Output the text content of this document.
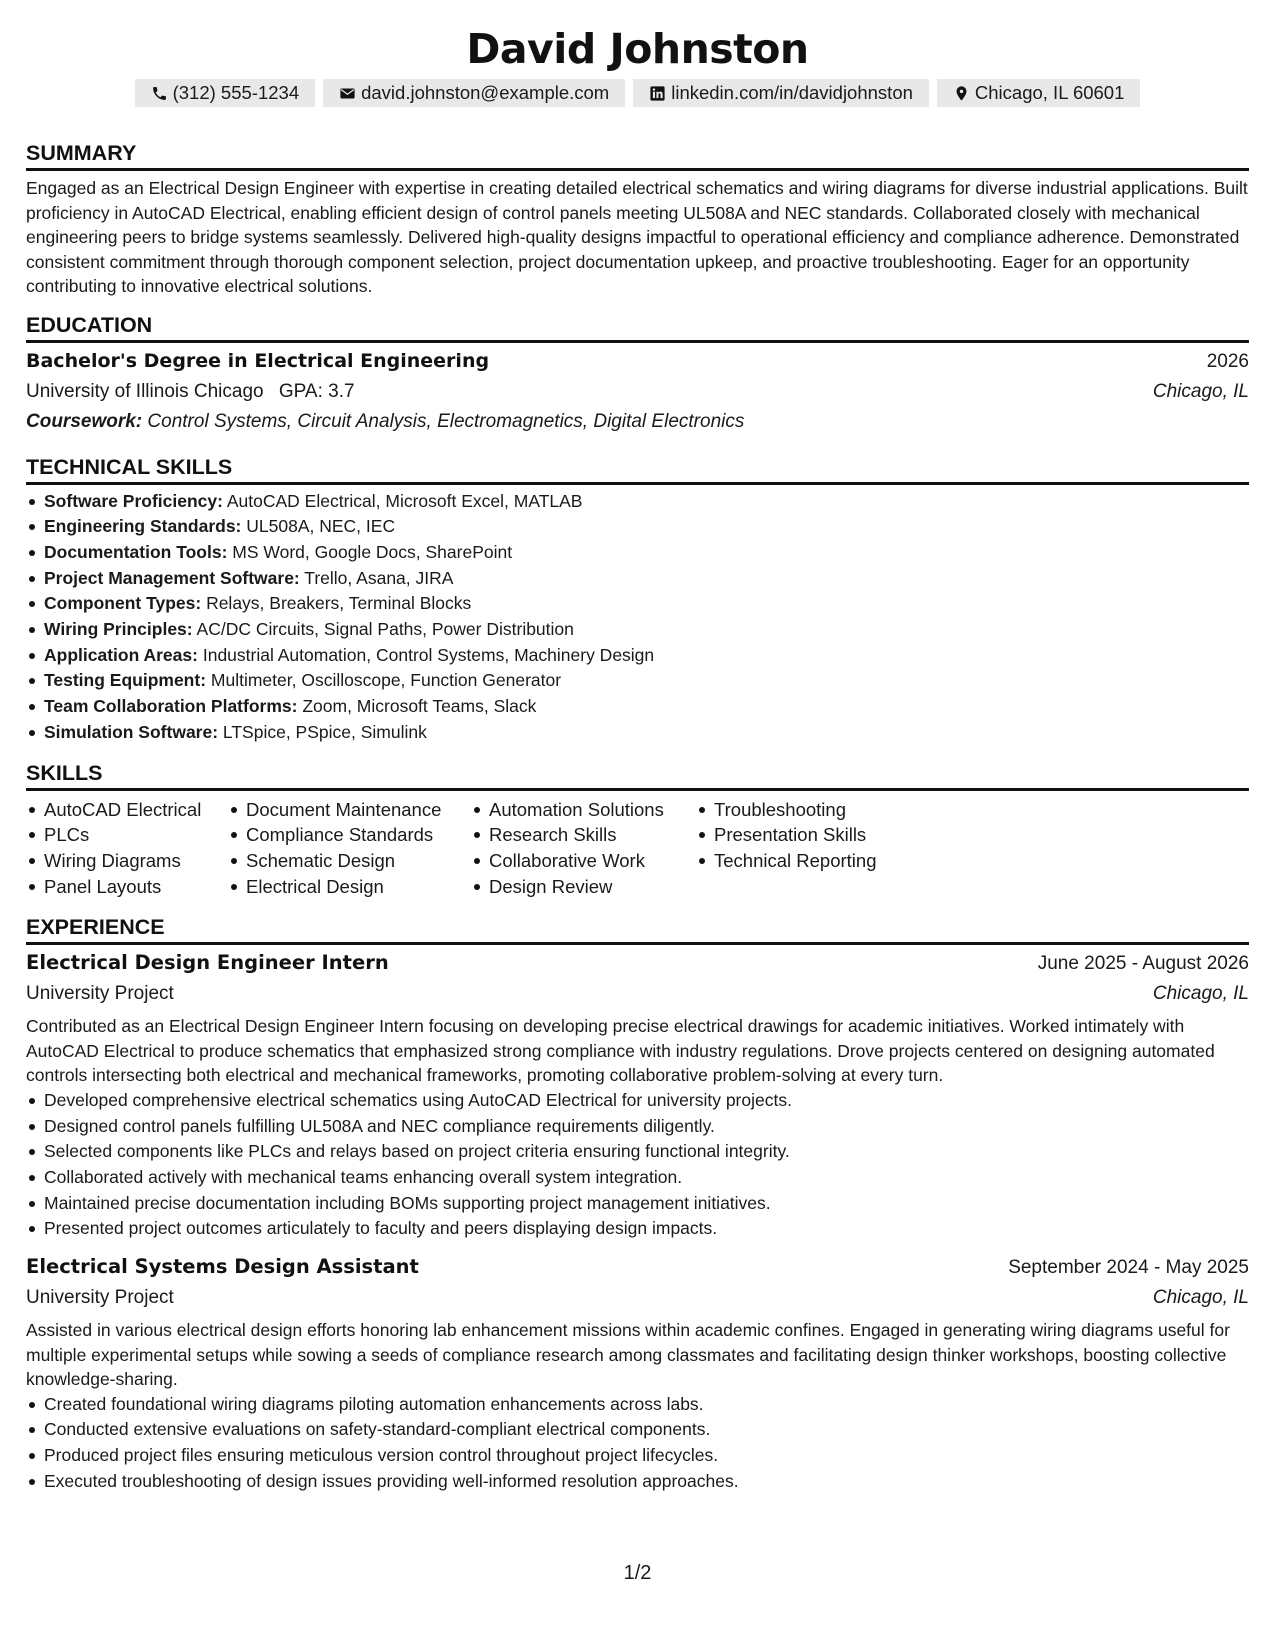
David Johnston
(312) 555-1234	david.johnston@example.com	linkedin.com/in/davidjohnston	Chicago, IL 60601
SUMMARY

Engaged as an Electrical Design Engineer with expertise in creating detailed electrical schematics and wiring diagrams for diverse industrial applications. Built proficiency in AutoCAD Electrical, enabling efficient design of control panels meeting UL508A and NEC standards. Collaborated closely with mechanical engineering peers to bridge systems seamlessly. Delivered high-quality designs impactful to operational efficiency and compliance adherence. Demonstrated consistent commitment through thorough component selection, project documentation upkeep, and proactive troubleshooting. Eager for an opportunity contributing to innovative electrical solutions.

EDUCATION
Bachelor's Degree in Electrical Engineering	2026
University of Illinois Chicago GPA: 3.7	Chicago, IL
Coursework: Control Systems, Circuit Analysis, Electromagnetics, Digital Electronics
TECHNICAL SKILLS
Software Proficiency: AutoCAD Electrical, Microsoft Excel, MATLAB
Engineering Standards: UL508A, NEC, IEC
Documentation Tools: MS Word, Google Docs, SharePoint
Project Management Software: Trello, Asana, JIRA
Component Types: Relays, Breakers, Terminal Blocks
Wiring Principles: AC/DC Circuits, Signal Paths, Power Distribution
Application Areas: Industrial Automation, Control Systems, Machinery Design
Testing Equipment: Multimeter, Oscilloscope, Function Generator
Team Collaboration Platforms: Zoom, Microsoft Teams, Slack
Simulation Software: LTSpice, PSpice, Simulink
SKILLS
AutoCAD Electrical
PLCs
Wiring Diagrams
Panel Layouts
Document Maintenance
Compliance Standards
Schematic Design
Electrical Design
Automation Solutions
Research Skills
Collaborative Work
Design Review
Troubleshooting
Presentation Skills
Technical Reporting
EXPERIENCE
Electrical Design Engineer Intern	June 2025 - August 2026
University Project	Chicago, IL

Contributed as an Electrical Design Engineer Intern focusing on developing precise electrical drawings for academic initiatives. Worked intimately with AutoCAD Electrical to produce schematics that emphasized strong compliance with industry regulations. Drove projects centered on designing automated controls intersecting both electrical and mechanical frameworks, promoting collaborative problem-solving at every turn.

Developed comprehensive electrical schematics using AutoCAD Electrical for university projects.
Designed control panels fulfilling UL508A and NEC compliance requirements diligently.
Selected components like PLCs and relays based on project criteria ensuring functional integrity.
Collaborated actively with mechanical teams enhancing overall system integration.
Maintained precise documentation including BOMs supporting project management initiatives.
Presented project outcomes articulately to faculty and peers displaying design impacts.
Electrical Systems Design Assistant	September 2024 - May 2025
University Project	Chicago, IL

Assisted in various electrical design efforts honoring lab enhancement missions within academic confines. Engaged in generating wiring diagrams useful for multiple experimental setups while sowing a seeds of compliance research among classmates and facilitating design thinker workshops, boosting collective knowledge-sharing.

Created foundational wiring diagrams piloting automation enhancements across labs.
Conducted extensive evaluations on safety-standard-compliant electrical components.
Produced project files ensuring meticulous version control throughout project lifecycles.
Executed troubleshooting of design issues providing well-informed resolution approaches.
1/2
